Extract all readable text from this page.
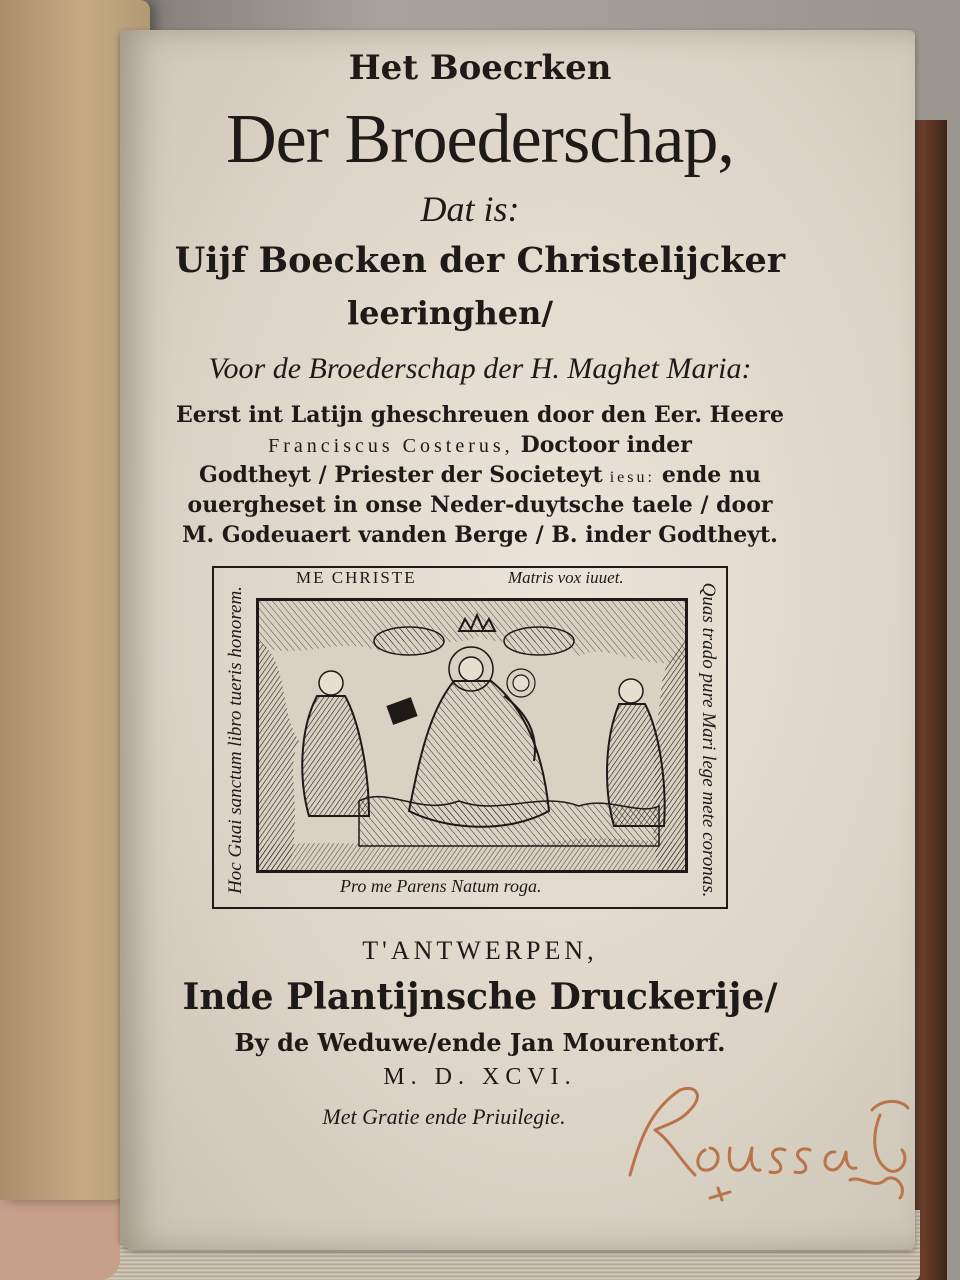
Het Boecrken
Der Broederschap,
Dat is:
Uijf Boecken der Christelijcker
leeringhen/
Voor de Broederschap der H. Maghet Maria:
Eerst int Latijn gheschreuen door den Eer. Heere
Franciscus Costerus, Doctoor inder
Godtheyt / Priester der Societeyt iesu: ende nu
ouergheset in onse Neder-duytsche taele / door
M. Godeuaert vanden Berge / B. inder Godtheyt.
ME CHRISTE	Matris vox iuuet.
Hoc Guai sanctum libro tueris honorem.	Quas trado pure Mari lege mete coronas.
Pro me Parens Natum roga.
T'ANTWERPEN,
Inde Plantijnsche Druckerije/
By de Weduwe/ende Jan Mourentorf.
M. D. XCVI.
Met Gratie ende Priuilegie.
